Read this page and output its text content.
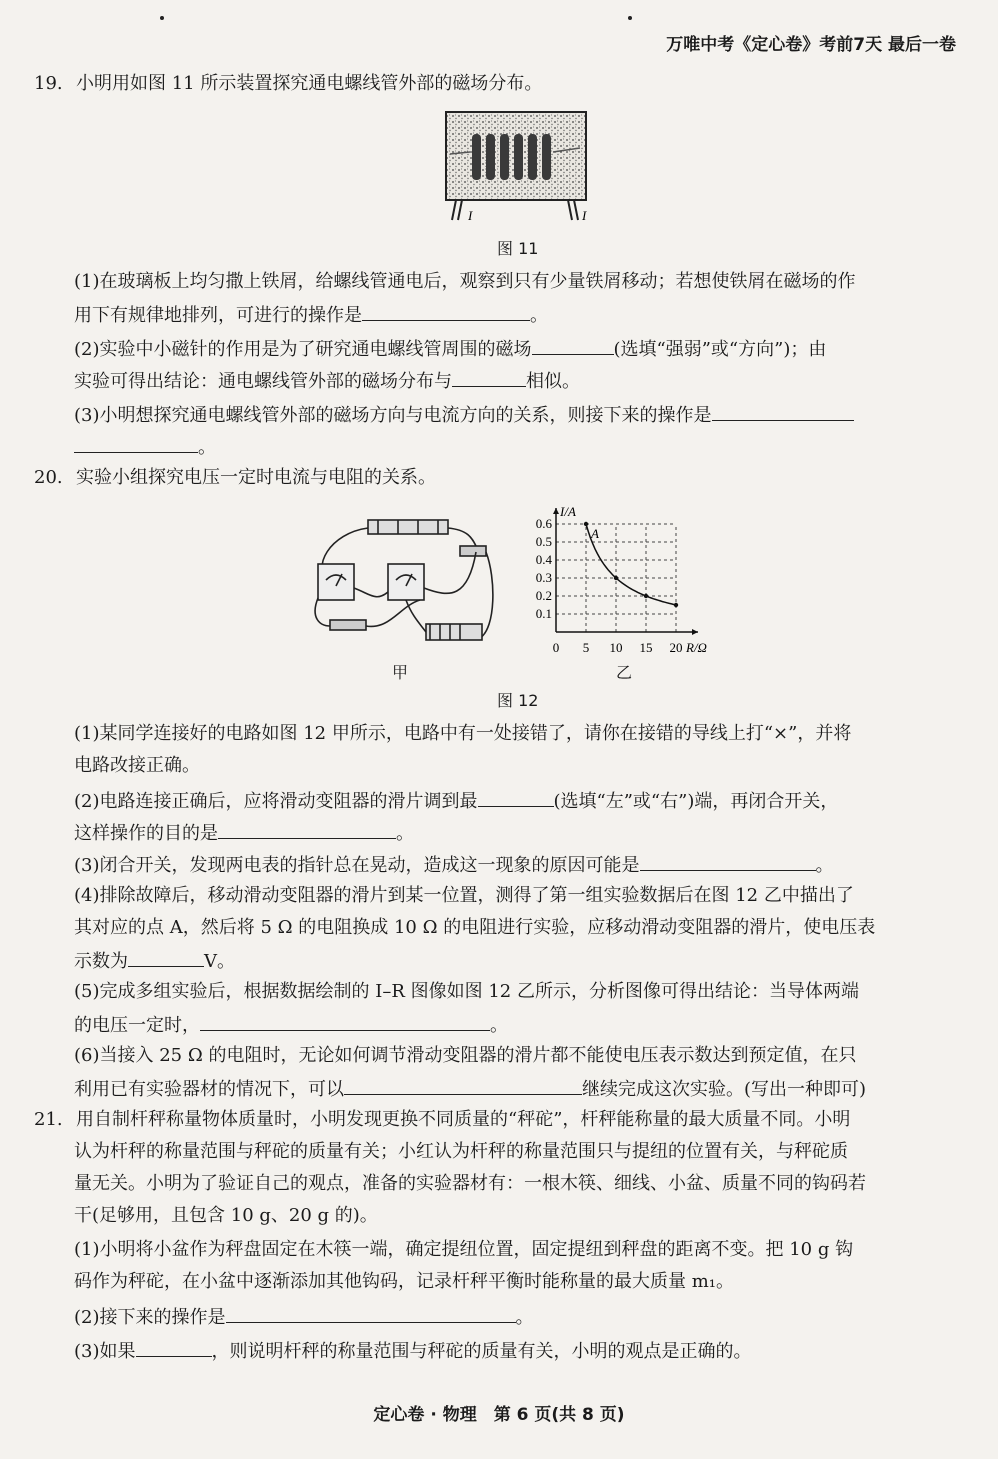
万唯中考《定心卷》考前7天 最后一卷
19. 小明用如图 11 所示装置探究通电螺线管外部的磁场分布。
I	I
图 11
(1)在玻璃板上均匀撒上铁屑，给螺线管通电后，观察到只有少量铁屑移动；若想使铁屑在磁场的作
用下有规律地排列，可进行的操作是	。
(2)实验中小磁针的作用是为了研究通电螺线管周围的磁场	(选填“强弱”或“方向”)；由
实验可得出结论：通电螺线管外部的磁场分布与	相似。
(3)小明想探究通电螺线管外部的磁场方向与电流方向的关系，则接下来的操作是
。
20. 实验小组探究电压一定时电流与电阻的关系。
I/A
R/Ω
0 5 10 15 20
0.1
0.2
0.3
0.4
0.5
0.6
A
甲	乙
图 12
(1)某同学连接好的电路如图 12 甲所示，电路中有一处接错了，请你在接错的导线上打“×”，并将
电路改接正确。
(2)电路连接正确后，应将滑动变阻器的滑片调到最	(选填“左”或“右”)端，再闭合开关，
这样操作的目的是	。
(3)闭合开关，发现两电表的指针总在晃动，造成这一现象的原因可能是	。
(4)排除故障后，移动滑动变阻器的滑片到某一位置，测得了第一组实验数据后在图 12 乙中描出了
其对应的点 A，然后将 5 Ω 的电阻换成 10 Ω 的电阻进行实验，应移动滑动变阻器的滑片，使电压表
示数为	V。
(5)完成多组实验后，根据数据绘制的 I–R 图像如图 12 乙所示，分析图像可得出结论：当导体两端
的电压一定时，	。
(6)当接入 25 Ω 的电阻时，无论如何调节滑动变阻器的滑片都不能使电压表示数达到预定值，在只
利用已有实验器材的情况下，可以	继续完成这次实验。(写出一种即可)
21. 用自制杆秤称量物体质量时，小明发现更换不同质量的“秤砣”，杆秤能称量的最大质量不同。小明
认为杆秤的称量范围与秤砣的质量有关；小红认为杆秤的称量范围只与提纽的位置有关，与秤砣质
量无关。小明为了验证自己的观点，准备的实验器材有：一根木筷、细线、小盆、质量不同的钩码若
干(足够用，且包含 10 g、20 g 的)。
(1)小明将小盆作为秤盘固定在木筷一端，确定提纽位置，固定提纽到秤盘的距离不变。把 10 g 钩
码作为秤砣，在小盆中逐渐添加其他钩码，记录杆秤平衡时能称量的最大质量 m₁。
(2)接下来的操作是	。
(3)如果	，则说明杆秤的称量范围与秤砣的质量有关，小明的观点是正确的。
定心卷 · 物理　第 6 页(共 8 页)
